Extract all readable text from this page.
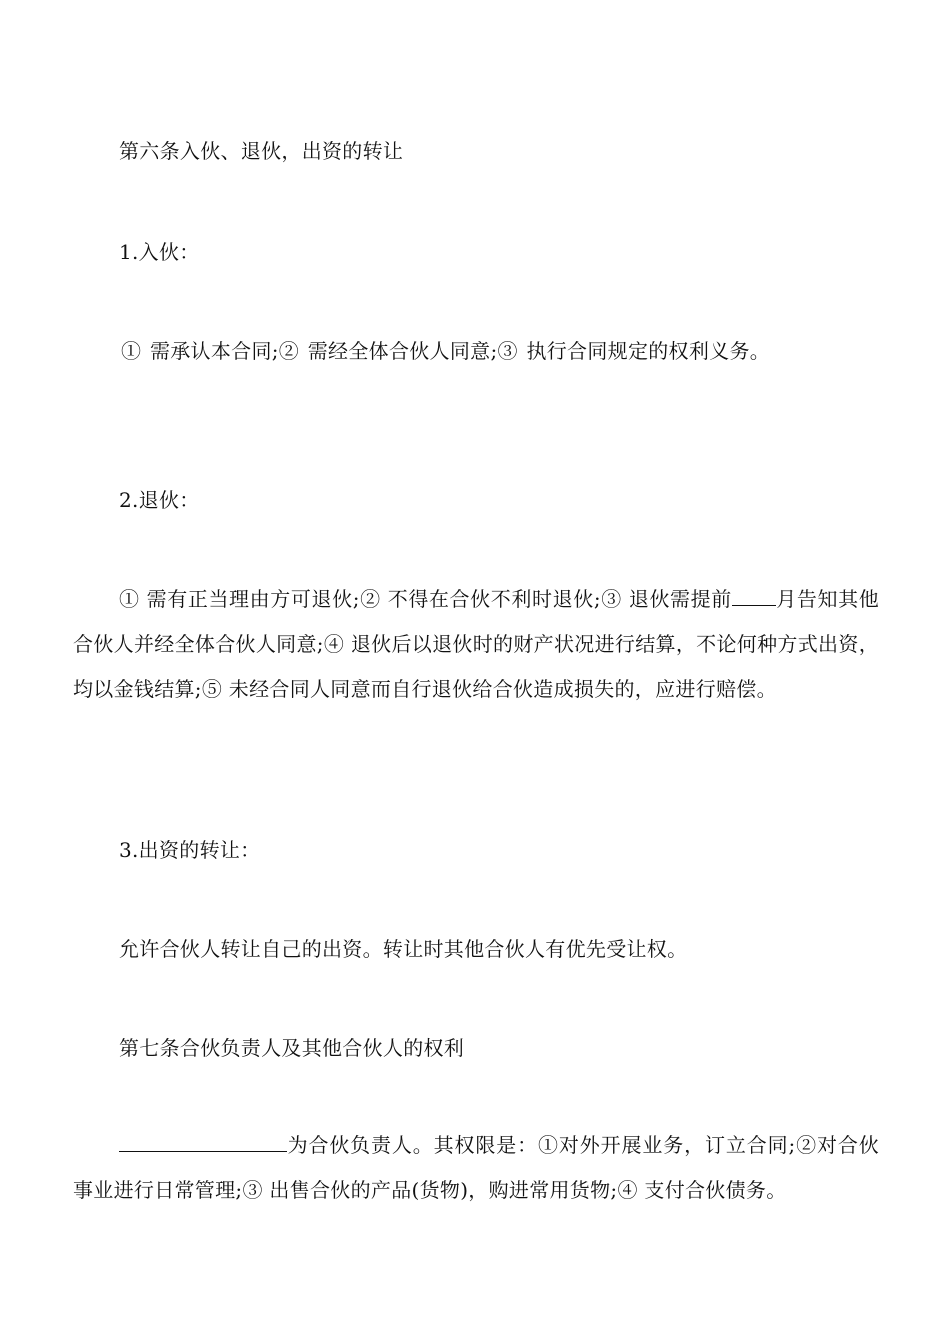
第六条入伙、退伙，出资的转让
1.入伙：
① 需承认本合同;② 需经全体合伙人同意;③ 执行合同规定的权利义务。
2.退伙：
① 需有正当理由方可退伙;② 不得在合伙不利时退伙;③ 退伙需提前 月告知其他合伙人并经全体合伙人同意;④ 退伙后以退伙时的财产状况进行结算，不论何种方式出资，均以金钱结算;⑤ 未经合同人同意而自行退伙给合伙造成损失的，应进行赔偿。
3.出资的转让：
允许合伙人转让自己的出资。转让时其他合伙人有优先受让权。
第七条合伙负责人及其他合伙人的权利
为合伙负责人。其权限是：①对外开展业务，订立合同;②对合伙事业进行日常管理;③ 出售合伙的产品(货物)，购进常用货物;④ 支付合伙债务。
